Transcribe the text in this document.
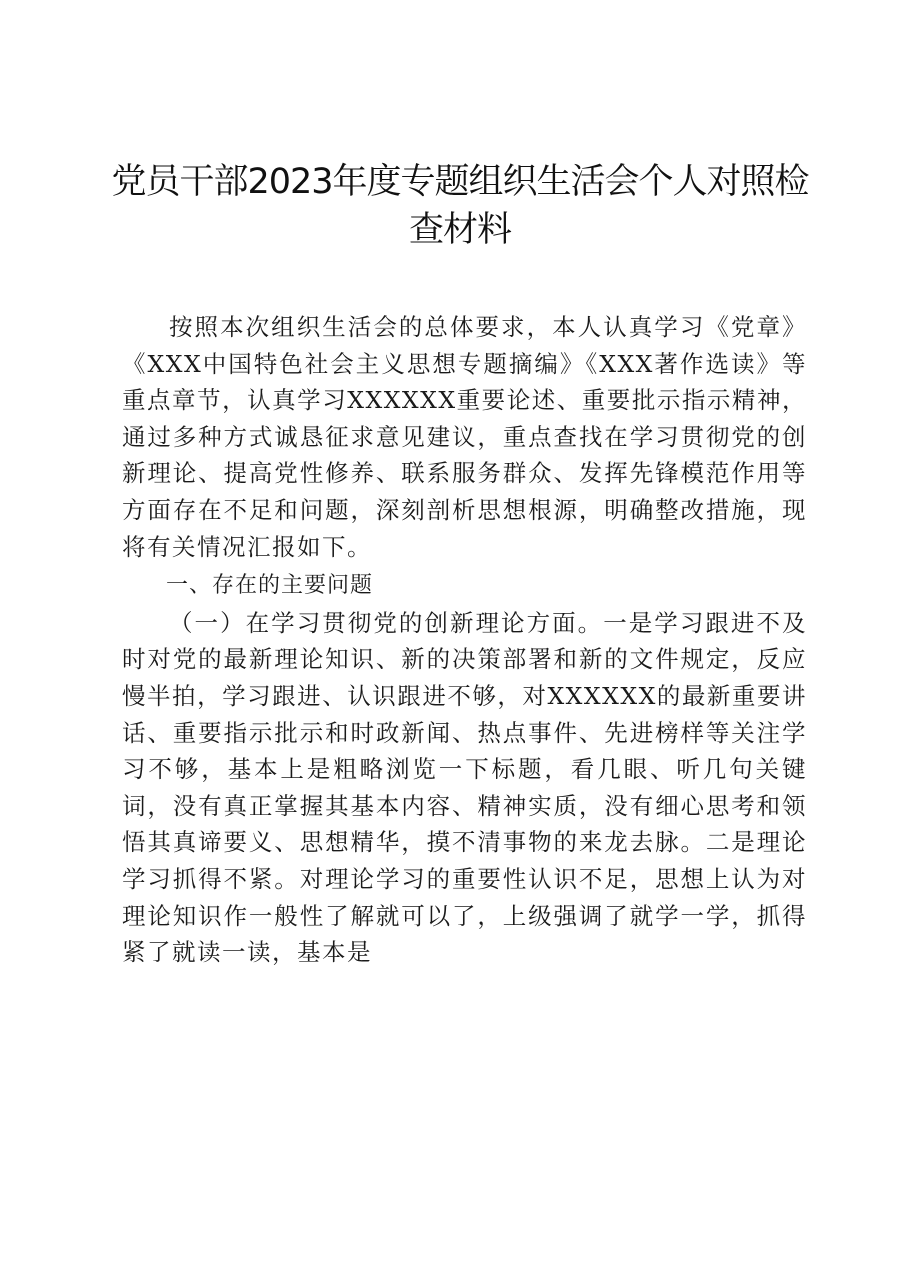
党员干部2023年度专题组织生活会个人对照检查材料

按照本次组织生活会的总体要求，本人认真学习《党章》《XXX中国特色社会主义思想专题摘编》《XXX著作选读》等重点章节，认真学习XXXXXX重要论述、重要批示指示精神，通过多种方式诚恳征求意见建议，重点查找在学习贯彻党的创新理论、提高党性修养、联系服务群众、发挥先锋模范作用等方面存在不足和问题，深刻剖析思想根源，明确整改措施，现将有关情况汇报如下。

一、存在的主要问题

（一）在学习贯彻党的创新理论方面。一是学习跟进不及时对党的最新理论知识、新的决策部署和新的文件规定，反应慢半拍，学习跟进、认识跟进不够，对XXXXXX的最新重要讲话、重要指示批示和时政新闻、热点事件、先进榜样等关注学习不够，基本上是粗略浏览一下标题，看几眼、听几句关键词，没有真正掌握其基本内容、精神实质，没有细心思考和领悟其真谛要义、思想精华，摸不清事物的来龙去脉。二是理论学习抓得不紧。对理论学习的重要性认识不足，思想上认为对理论知识作一般性了解就可以了，上级强调了就学一学，抓得紧了就读一读，基本是
